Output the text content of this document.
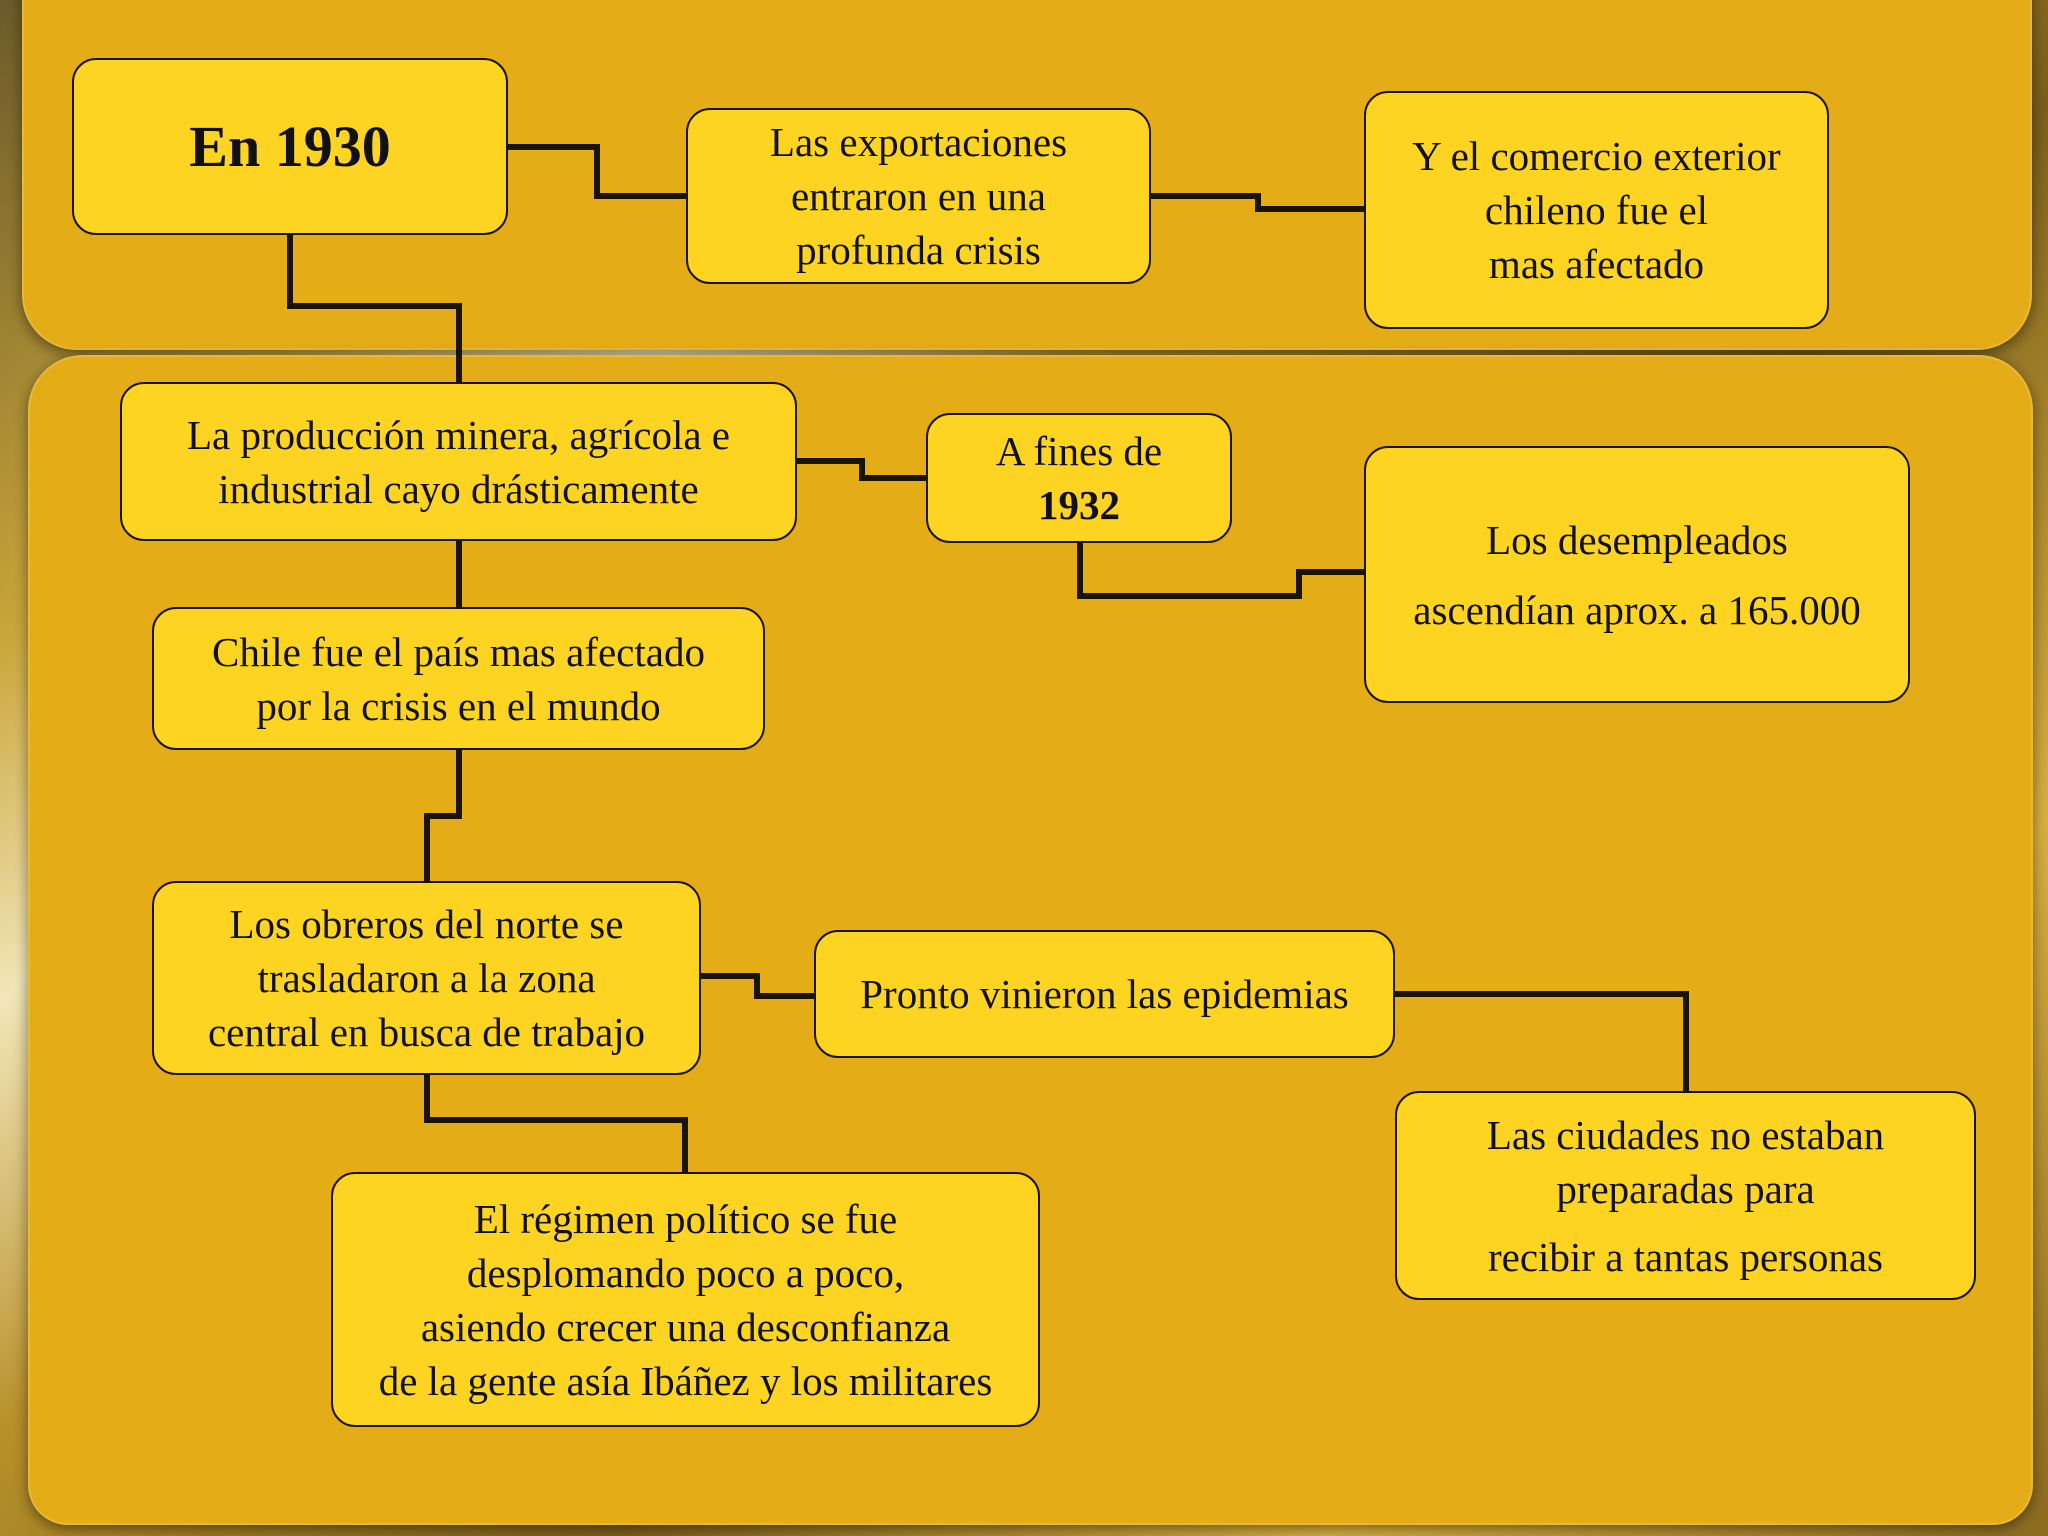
En 1930	Las exportaciones
entraron en una
profunda crisis
Y el comercio exterior
chileno fue el
mas afectado
La producción minera, agrícola e
industrial cayo drásticamente
A fines de
1932
Los desempleados
ascendían aprox. a 165.000
Chile fue el país mas afectado
por la crisis en el mundo
Los obreros del norte se
trasladaron a la zona
central en busca de trabajo
Pronto vinieron las epidemias
Las ciudades no estaban
preparadas para
recibir a tantas personas
El régimen político se fue
desplomando poco a poco,
asiendo crecer una desconfianza
de la gente asía Ibáñez y los militares
